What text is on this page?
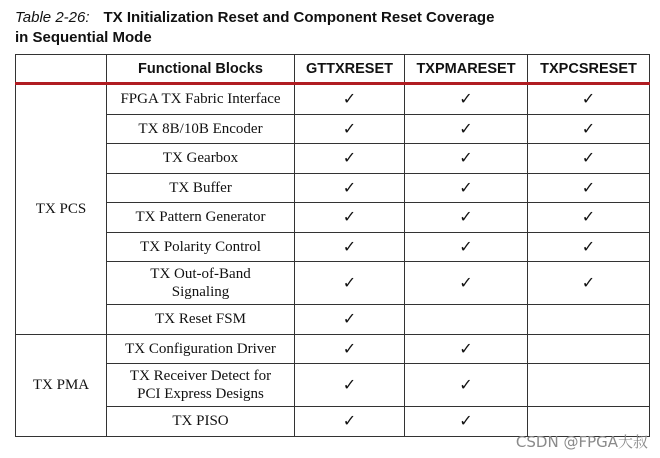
Table 2-26: TX Initialization Reset and Component Reset Coverage
in Sequential Mode
	Functional Blocks	GTTXRESET	TXPMARESET	TXPCSRESET
TX PCS	FPGA TX Fabric Interface	✓	✓	✓
	TX 8B/10B Encoder	✓	✓	✓
	TX Gearbox	✓	✓	✓
	TX Buffer	✓	✓	✓
	TX Pattern Generator	✓	✓	✓
	TX Polarity Control	✓	✓	✓
	TX Out-of-Band
Signaling	✓	✓	✓
	TX Reset FSM	✓		
TX PMA	TX Configuration Driver	✓	✓	
	TX Receiver Detect for
PCI Express Designs	✓	✓	
	TX PISO	✓	✓	
CSDN @FPGA大叔
